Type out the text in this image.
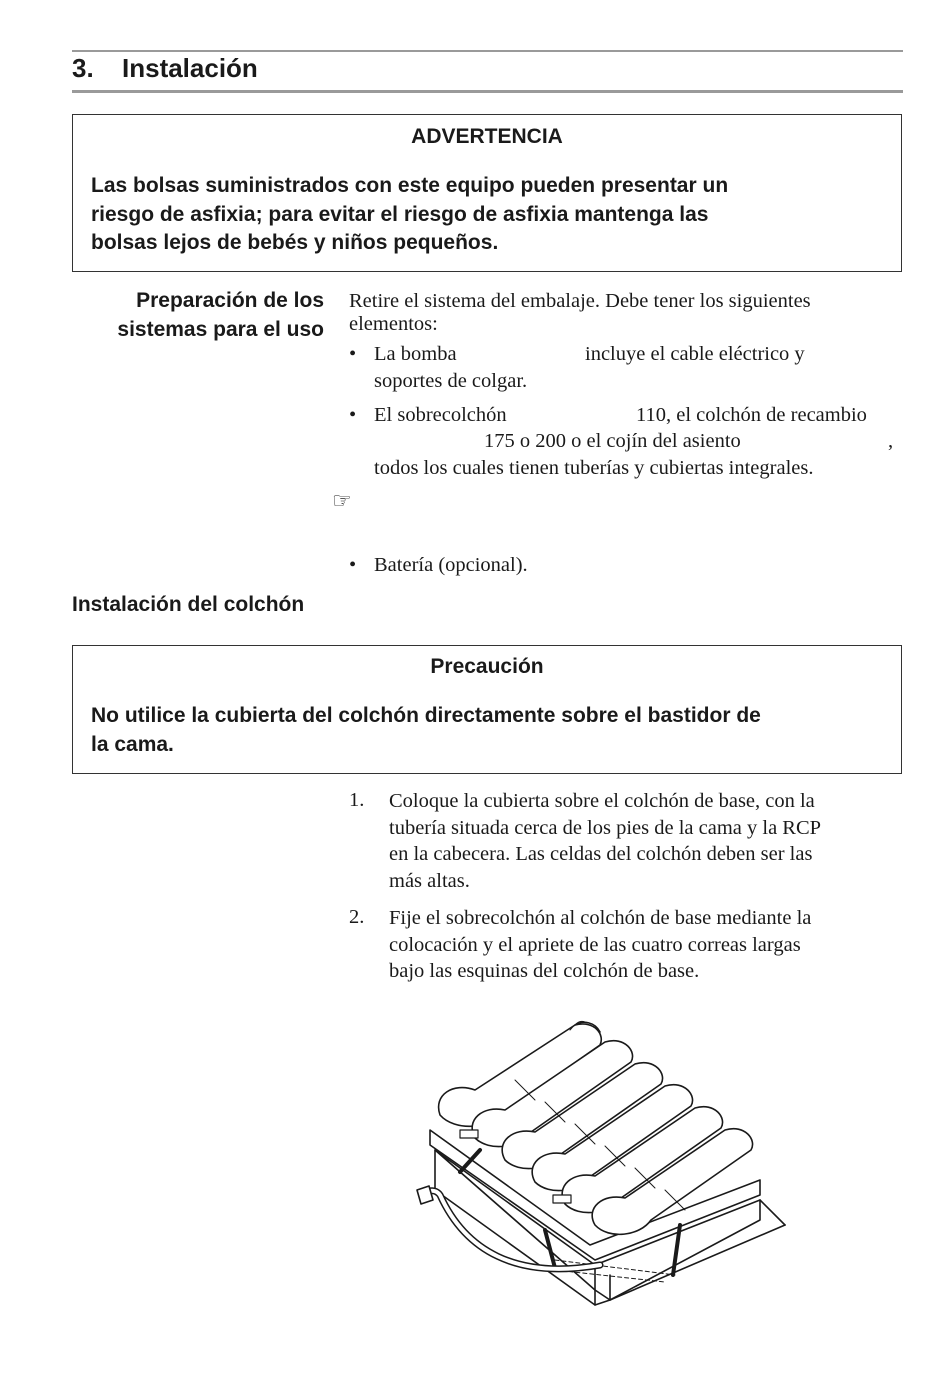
3. Instalación
ADVERTENCIA
Las bolsas suministrados con este equipo pueden presentar un
riesgo de asfixia; para evitar el riesgo de asfixia mantenga las
bolsas lejos de bebés y niños pequeños.
Preparación de los
sistemas para el uso
Retire el sistema del embalaje. Debe tener los siguientes
elementos:
• La bomba	incluye el cable eléctrico y
soportes de colgar.
• El sobrecolchón	110, el colchón de recambio
175 o 200 o el cojín del asiento	,
todos los cuales tienen tuberías y cubiertas integrales.
☞
• Batería (opcional).
Instalación del colchón
Precaución
No utilice la cubierta del colchón directamente sobre el bastidor de
la cama.
1. Coloque la cubierta sobre el colchón de base, con la
tubería situada cerca de los pies de la cama y la RCP
en la cabecera. Las celdas del colchón deben ser las
más altas.
2. Fije el sobrecolchón al colchón de base mediante la
colocación y el apriete de las cuatro correas largas
bajo las esquinas del colchón de base.
